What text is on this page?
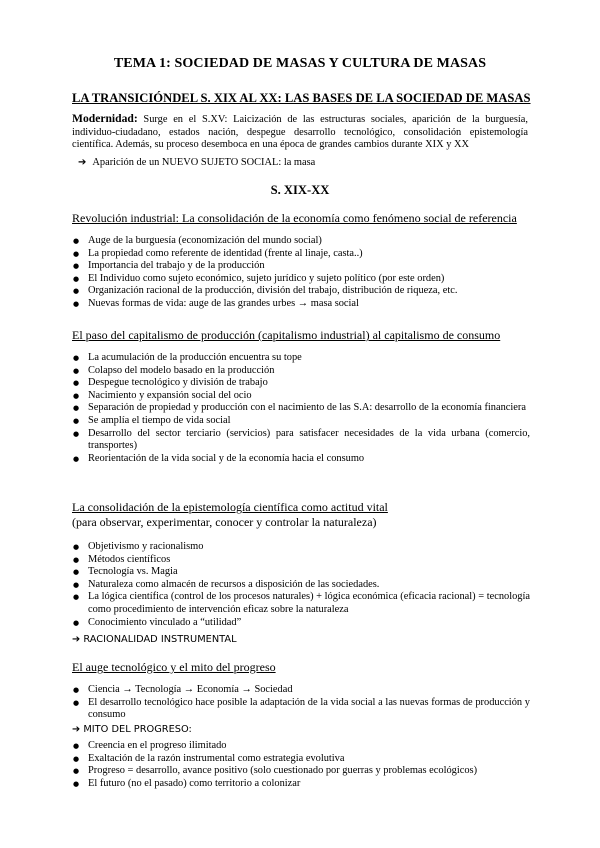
TEMA 1: SOCIEDAD DE MASAS Y CULTURA DE MASAS
LA TRANSICIÓNDEL S. XIX AL XX: LAS BASES DE LA SOCIEDAD DE MASAS
Modernidad: Surge en el S.XV: Laicización de las estructuras sociales, aparición de la burguesía, individuo-ciudadano, estados nación, despegue desarrollo tecnológico, consolidación epistemología científica. Además, su proceso desemboca en una época de grandes cambios durante XIX y XX
➔ Aparición de un NUEVO SUJETO SOCIAL: la masa
S. XIX-XX
Revolución industrial: La consolidación de la economía como fenómeno social de referencia
● Auge de la burguesía (economización del mundo social)
● La propiedad como referente de identidad (frente al linaje, casta..)
● Importancia del trabajo y de la producción
● El Individuo como sujeto económico, sujeto jurídico y sujeto político (por este orden)
● Organización racional de la producción, división del trabajo, distribución de riqueza, etc.
● Nuevas formas de vida: auge de las grandes urbes → masa social
El paso del capitalismo de producción (capitalismo industrial) al capitalismo de consumo
● La acumulación de la producción encuentra su tope
● Colapso del modelo basado en la producción
● Despegue tecnológico y división de trabajo
● Nacimiento y expansión social del ocio
● Separación de propiedad y producción con el nacimiento de las S.A: desarrollo de la economía financiera
● Se amplía el tiempo de vida social
● Desarrollo del sector terciario (servicios) para satisfacer necesidades de la vida urbana (comercio, transportes)
● Reorientación de la vida social y de la economía hacia el consumo
La consolidación de la epistemología científica como actitud vital
(para observar, experimentar, conocer y controlar la naturaleza)
● Objetivismo y racionalismo
● Métodos científicos
● Tecnología vs. Magia
● Naturaleza como almacén de recursos a disposición de las sociedades.
● La lógica científica (control de los procesos naturales) + lógica económica (eficacia racional) = tecnología como procedimiento de intervención eficaz sobre la naturaleza
● Conocimiento vinculado a “utilidad”
➔ RACIONALIDAD INSTRUMENTAL
El auge tecnológico y el mito del progreso
● Ciencia → Tecnología → Economía → Sociedad
● El desarrollo tecnológico hace posible la adaptación de la vida social a las nuevas formas de producción y consumo
➔ MITO DEL PROGRESO:
● Creencia en el progreso ilimitado
● Exaltación de la razón instrumental como estrategia evolutiva
● Progreso = desarrollo, avance positivo (solo cuestionado por guerras y problemas ecológicos)
● El futuro (no el pasado) como territorio a colonizar
